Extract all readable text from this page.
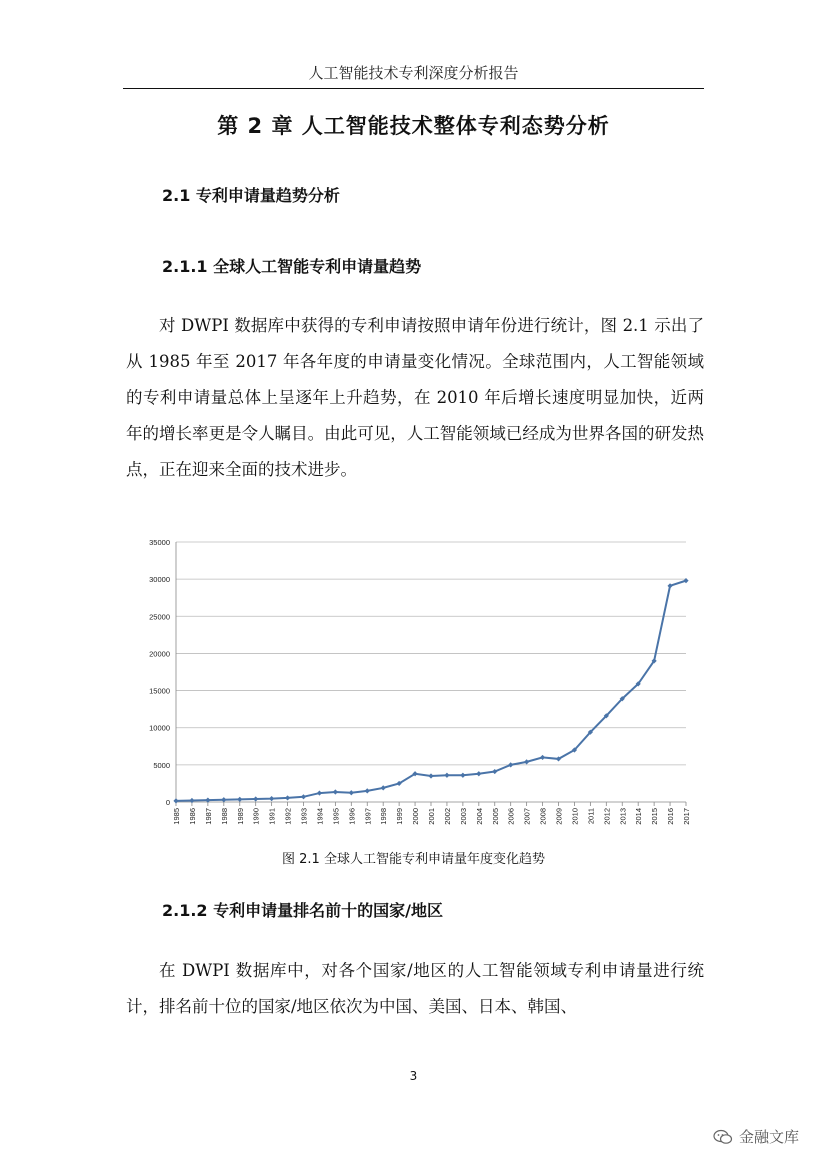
人工智能技术专利深度分析报告
第 2 章 人工智能技术整体专利态势分析
2.1 专利申请量趋势分析
2.1.1 全球人工智能专利申请量趋势

对 DWPI 数据库中获得的专利申请按照申请年份进行统计，图 2.1 示出了从 1985 年至 2017 年各年度的申请量变化情况。全球范围内，人工智能领域的专利申请量总体上呈逐年上升趋势，在 2010 年后增长速度明显加快，近两年的增长率更是令人瞩目。由此可见，人工智能领域已经成为世界各国的研发热点，正在迎来全面的技术进步。

0
5000
10000
15000
20000
25000
30000
35000
1985 1986 1987 1988 1989 1990 1991 1992 1993 1994 1995 1996 1997 1998 1999 2000 2001 2002 2003 2004 2005 2006 2007 2008 2009 2010 2011 2012 2013 2014 2015 2016 2017
图 2.1 全球人工智能专利申请量年度变化趋势
2.1.2 专利申请量排名前十的国家/地区

在 DWPI 数据库中，对各个国家/地区的人工智能领域专利申请量进行统计，排名前十位的国家/地区依次为中国、美国、日本、韩国、

3
金融文库
